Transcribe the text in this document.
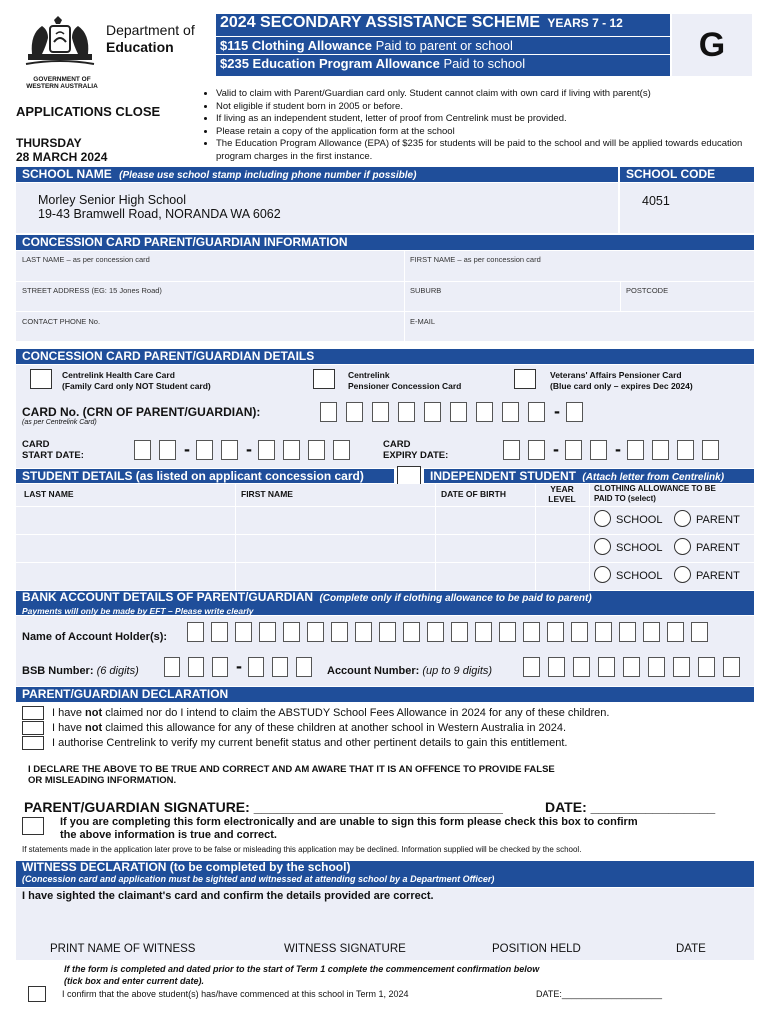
GOVERNMENT OF
WESTERN AUSTRALIA
Department of
Education
2024 SECONDARY ASSISTANCE SCHEME YEARS 7 - 12
$115 Clothing Allowance Paid to parent or school
$235 Education Program Allowance Paid to school	G
APPLICATIONS CLOSE
THURSDAY
28 MARCH 2024
• Valid to claim with Parent/Guardian card only. Student cannot claim with own card if living with parent(s)
• Not eligible if student born in 2005 or before.
• If living as an independent student, letter of proof from Centrelink must be provided.
• Please retain a copy of the application form at the school
• The Education Program Allowance (EPA) of $235 for students will be paid to the school and will be applied towards education program charges in the first instance.
SCHOOL NAME (Please use school stamp including phone number if possible)	SCHOOL CODE
Morley Senior High School
19-43 Bramwell Road, NORANDA WA 6062
4051
CONCESSION CARD PARENT/GUARDIAN INFORMATION
LAST NAME – as per concession card	FIRST NAME – as per concession card
STREET ADDRESS (EG: 15 Jones Road)	SUBURB	POSTCODE
CONTACT PHONE No.	E-MAIL
CONCESSION CARD PARENT/GUARDIAN DETAILS
Centrelink Health Care Card
(Family Card only NOT Student card)
Centrelink
Pensioner Concession Card
Veterans' Affairs Pensioner Card
(Blue card only – expires Dec 2024)
CARD No. (CRN OF PARENT/GUARDIAN):
(as per Centrelink Card)
-
CARD
START DATE:	-	-	CARD
EXPIRY DATE:	-	-
STUDENT DETAILS (as listed on applicant concession card)	INDEPENDENT STUDENT (Attach letter from Centrelink)
LAST NAME	FIRST NAME	DATE OF BIRTH	YEAR
LEVEL
CLOTHING ALLOWANCE TO BE
PAID TO (select)
SCHOOL	PARENT
SCHOOL	PARENT
SCHOOL	PARENT
BANK ACCOUNT DETAILS OF PARENT/GUARDIAN (Complete only if clothing allowance to be paid to parent)
Payments will only be made by EFT – Please write clearly
Name of Account Holder(s):
BSB Number: (6 digits)	-	Account Number: (up to 9 digits)
PARENT/GUARDIAN DECLARATION
I have not claimed nor do I intend to claim the ABSTUDY School Fees Allowance in 2024 for any of these children.
I have not claimed this allowance for any of these children at another school in Western Australia in 2024.
I authorise Centrelink to verify my current benefit status and other pertinent details to gain this entitlement.
I DECLARE THE ABOVE TO BE TRUE AND CORRECT AND AM AWARE THAT IT IS AN OFFENCE TO PROVIDE FALSE
OR MISLEADING INFORMATION.
PARENT/GUARDIAN SIGNATURE: ________________________________	DATE: ________________
If you are completing this form electronically and are unable to sign this form please check this box to confirm
the above information is true and correct.
If statements made in the application later prove to be false or misleading this application may be declined. Information supplied will be checked by the school.
WITNESS DECLARATION (to be completed by the school)
(Concession card and application must be sighted and witnessed at attending school by a Department Officer)
I have sighted the claimant's card and confirm the details provided are correct.
PRINT NAME OF WITNESS	WITNESS SIGNATURE	POSITION HELD	DATE
If the form is completed and dated prior to the start of Term 1 complete the commencement confirmation below
(tick box and enter current date).
I confirm that the above student(s) has/have commenced at this school in Term 1, 2024	DATE:____________________
